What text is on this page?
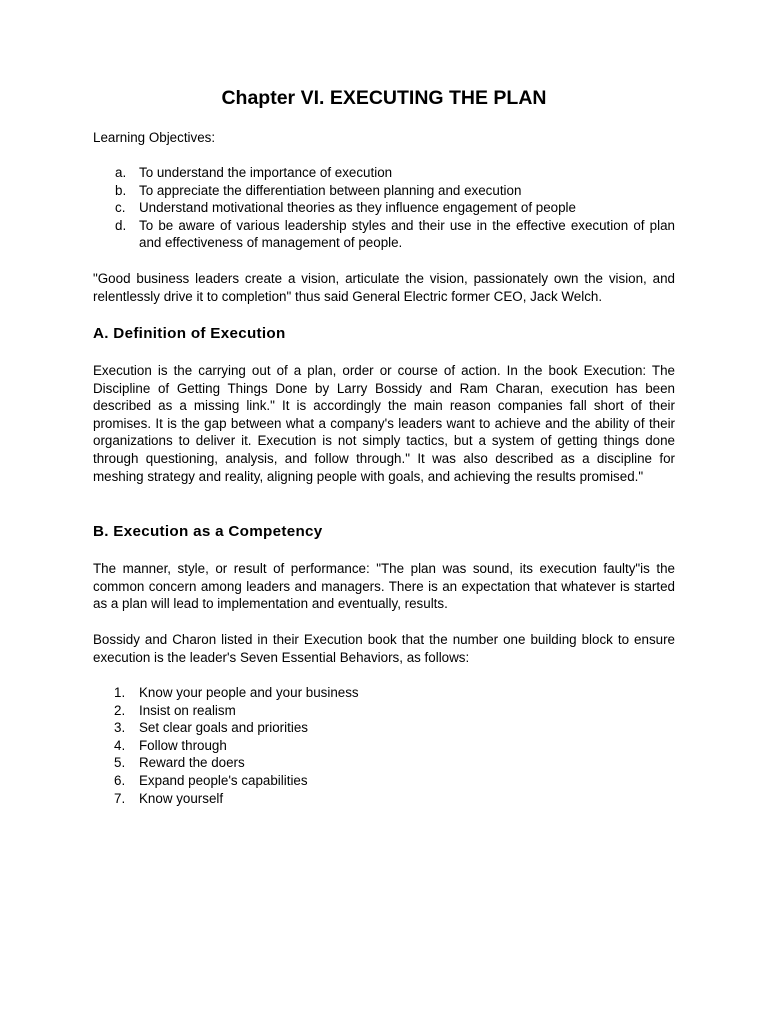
Chapter VI. EXECUTING THE PLAN

Learning Objectives:

a. To understand the importance of execution
b. To appreciate the differentiation between planning and execution
c. Understand motivational theories as they influence engagement of people
d. To be aware of various leadership styles and their use in the effective execution of plan and effectiveness of management of people.

"Good business leaders create a vision, articulate the vision, passionately own the vision, and relentlessly drive it to completion" thus said General Electric former CEO, Jack Welch.

A. Definition of Execution

Execution is the carrying out of a plan, order or course of action. In the book Execution: The Discipline of Getting Things Done by Larry Bossidy and Ram Charan, execution has been described as a missing link." It is accordingly the main reason companies fall short of their promises. It is the gap between what a company's leaders want to achieve and the ability of their organizations to deliver it. Execution is not simply tactics, but a system of getting things done through questioning, analysis, and follow through." It was also described as a discipline for meshing strategy and reality, aligning people with goals, and achieving the results promised."

B. Execution as a Competency

The manner, style, or result of performance: "The plan was sound, its execution faulty"is the common concern among leaders and managers. There is an expectation that whatever is started as a plan will lead to implementation and eventually, results.

Bossidy and Charon listed in their Execution book that the number one building block to ensure execution is the leader's Seven Essential Behaviors, as follows:

1. Know your people and your business
2. Insist on realism
3. Set clear goals and priorities
4. Follow through
5. Reward the doers
6. Expand people's capabilities
7. Know yourself
